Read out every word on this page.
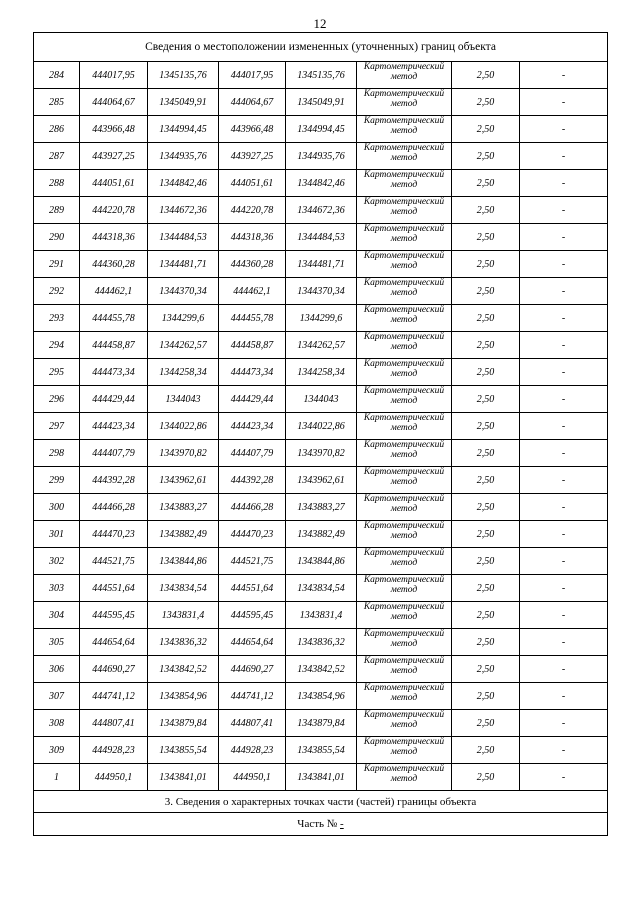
12
Сведения о местоположении измененных (уточненных) границ объекта							
284	444017,95	1345135,76	444017,95	1345135,76	Картометрический метод	2,50	-
285	444064,67	1345049,91	444064,67	1345049,91	Картометрический метод	2,50	-
286	443966,48	1344994,45	443966,48	1344994,45	Картометрический метод	2,50	-
287	443927,25	1344935,76	443927,25	1344935,76	Картометрический метод	2,50	-
288	444051,61	1344842,46	444051,61	1344842,46	Картометрический метод	2,50	-
289	444220,78	1344672,36	444220,78	1344672,36	Картометрический метод	2,50	-
290	444318,36	1344484,53	444318,36	1344484,53	Картометрический метод	2,50	-
291	444360,28	1344481,71	444360,28	1344481,71	Картометрический метод	2,50	-
292	444462,1	1344370,34	444462,1	1344370,34	Картометрический метод	2,50	-
293	444455,78	1344299,6	444455,78	1344299,6	Картометрический метод	2,50	-
294	444458,87	1344262,57	444458,87	1344262,57	Картометрический метод	2,50	-
295	444473,34	1344258,34	444473,34	1344258,34	Картометрический метод	2,50	-
296	444429,44	1344043	444429,44	1344043	Картометрический метод	2,50	-
297	444423,34	1344022,86	444423,34	1344022,86	Картометрический метод	2,50	-
298	444407,79	1343970,82	444407,79	1343970,82	Картометрический метод	2,50	-
299	444392,28	1343962,61	444392,28	1343962,61	Картометрический метод	2,50	-
300	444466,28	1343883,27	444466,28	1343883,27	Картометрический метод	2,50	-
301	444470,23	1343882,49	444470,23	1343882,49	Картометрический метод	2,50	-
302	444521,75	1343844,86	444521,75	1343844,86	Картометрический метод	2,50	-
303	444551,64	1343834,54	444551,64	1343834,54	Картометрический метод	2,50	-
304	444595,45	1343831,4	444595,45	1343831,4	Картометрический метод	2,50	-
305	444654,64	1343836,32	444654,64	1343836,32	Картометрический метод	2,50	-
306	444690,27	1343842,52	444690,27	1343842,52	Картометрический метод	2,50	-
307	444741,12	1343854,96	444741,12	1343854,96	Картометрический метод	2,50	-
308	444807,41	1343879,84	444807,41	1343879,84	Картометрический метод	2,50	-
309	444928,23	1343855,54	444928,23	1343855,54	Картометрический метод	2,50	-
1	444950,1	1343841,01	444950,1	1343841,01	Картометрический метод	2,50	-
3. Сведения о характерных точках части (частей) границы объекта							
Часть № -							
